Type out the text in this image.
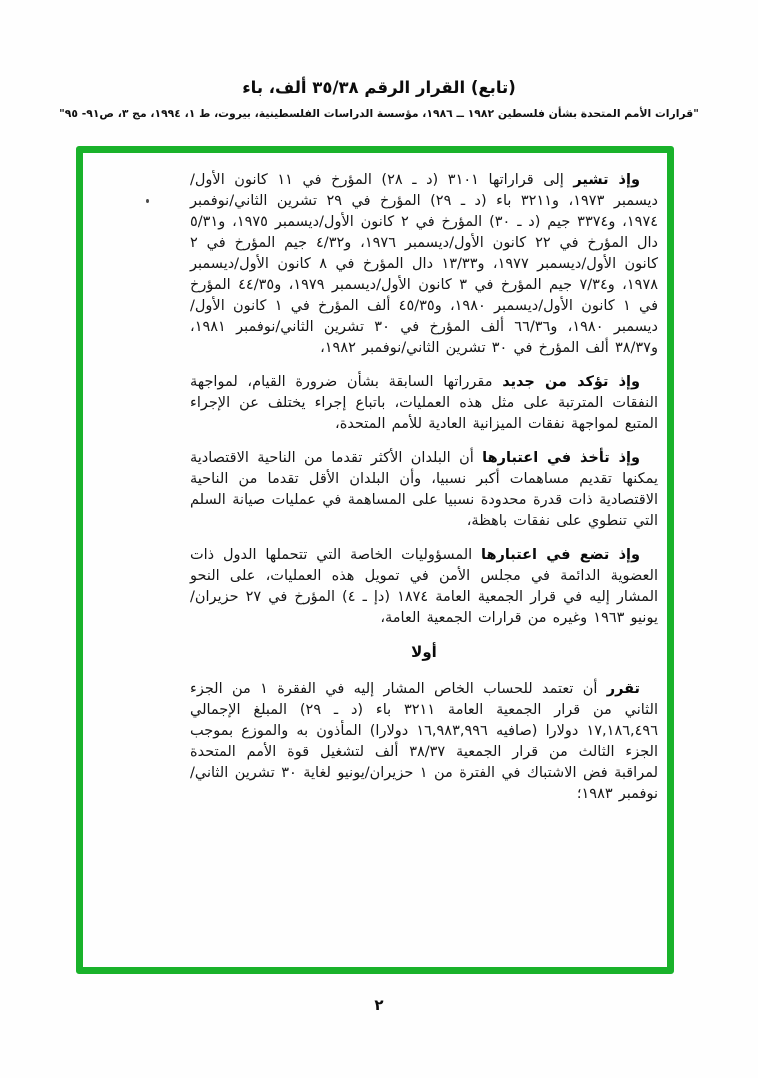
(تابع) القرار الرقم ٣٥/٣٨ ألف، باء
"قرارات الأمم المتحدة بشأن فلسطين ١٩٨٢ ــ ١٩٨٦، مؤسسة الدراسات الفلسطينية، بيروت، ط ١، ١٩٩٤، مج ٣، ص٩١- ٩٥"

وإذ تشير إلى قراراتها ٣١٠١ (د ـ ٢٨) المؤرخ في ١١ كانون الأول/ديسمبر ١٩٧٣، و٣٢١١ باء (د ـ ٢٩) المؤرخ في ٢٩ تشرين الثاني/نوفمبر ١٩٧٤، و٣٣٧٤ جيم (د ـ ٣٠) المؤرخ في ٢ كانون الأول/ديسمبر ١٩٧٥، و٥/٣١ دال المؤرخ في ٢٢ كانون الأول/ديسمبر ١٩٧٦، و٤/٣٢ جيم المؤرخ في ٢ كانون الأول/ديسمبر ١٩٧٧، و١٣/٣٣ دال المؤرخ في ٨ كانون الأول/ديسمبر ١٩٧٨، و٧/٣٤ جيم المؤرخ في ٣ كانون الأول/ديسمبر ١٩٧٩، و٤٤/٣٥ المؤرخ في ١ كانون الأول/ديسمبر ١٩٨٠، و٤٥/٣٥ ألف المؤرخ في ١ كانون الأول/ديسمبر ١٩٨٠، و٦٦/٣٦ ألف المؤرخ في ٣٠ تشرين الثاني/نوفمبر ١٩٨١، و٣٨/٣٧ ألف المؤرخ في ٣٠ تشرين الثاني/نوفمبر ١٩٨٢،

وإذ تؤكد من جديد مقرراتها السابقة بشأن ضرورة القيام، لمواجهة النفقات المترتبة على مثل هذه العمليات، باتباع إجراء يختلف عن الإجراء المتبع لمواجهة نفقات الميزانية العادية للأمم المتحدة،

وإذ تأخذ في اعتبارها أن البلدان الأكثر تقدما من الناحية الاقتصادية يمكنها تقديم مساهمات أكبر نسبيا، وأن البلدان الأقل تقدما من الناحية الاقتصادية ذات قدرة محدودة نسبيا على المساهمة في عمليات صيانة السلم التي تنطوي على نفقات باهظة،

وإذ تضع في اعتبارها المسؤوليات الخاصة التي تتحملها الدول ذات العضوية الدائمة في مجلس الأمن في تمويل هذه العمليات، على النحو المشار إليه في قرار الجمعية العامة ١٨٧٤ (دإ ـ ٤) المؤرخ في ٢٧ حزيران/يونيو ١٩٦٣ وغيره من قرارات الجمعية العامة،

أولا

تقرر أن تعتمد للحساب الخاص المشار إليه في الفقرة ١ من الجزء الثاني من قرار الجمعية العامة ٣٢١١ باء (د ـ ٢٩) المبلغ الإجمالي ١٧,١٨٦,٤٩٦ دولارا (صافيه ١٦,٩٨٣,٩٩٦ دولارا) المأذون به والموزع بموجب الجزء الثالث من قرار الجمعية ٣٨/٣٧ ألف لتشغيل قوة الأمم المتحدة لمراقبة فض الاشتباك في الفترة من ١ حزيران/يونيو لغاية ٣٠ تشرين الثاني/نوفمبر ١٩٨٣؛

٢
